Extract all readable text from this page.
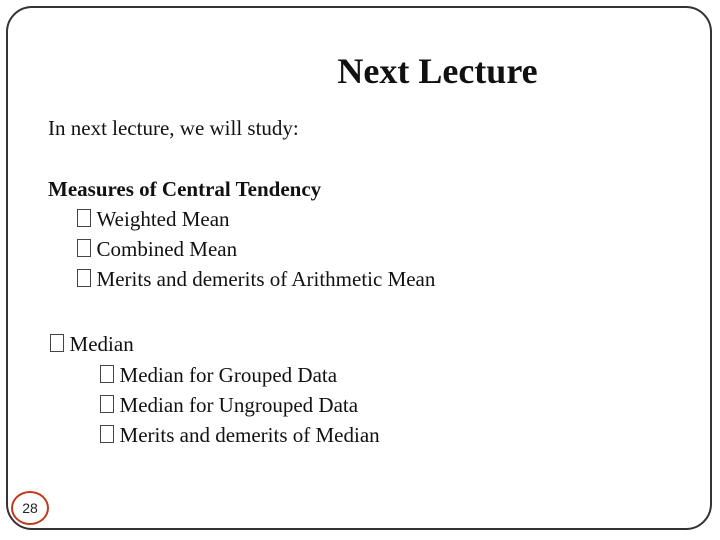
Next Lecture
In next lecture, we will study:
Measures of Central Tendency
Weighted Mean
Combined Mean
Merits and demerits of Arithmetic Mean
Median
Median for Grouped Data
Median for Ungrouped Data
Merits and demerits of Median
28
